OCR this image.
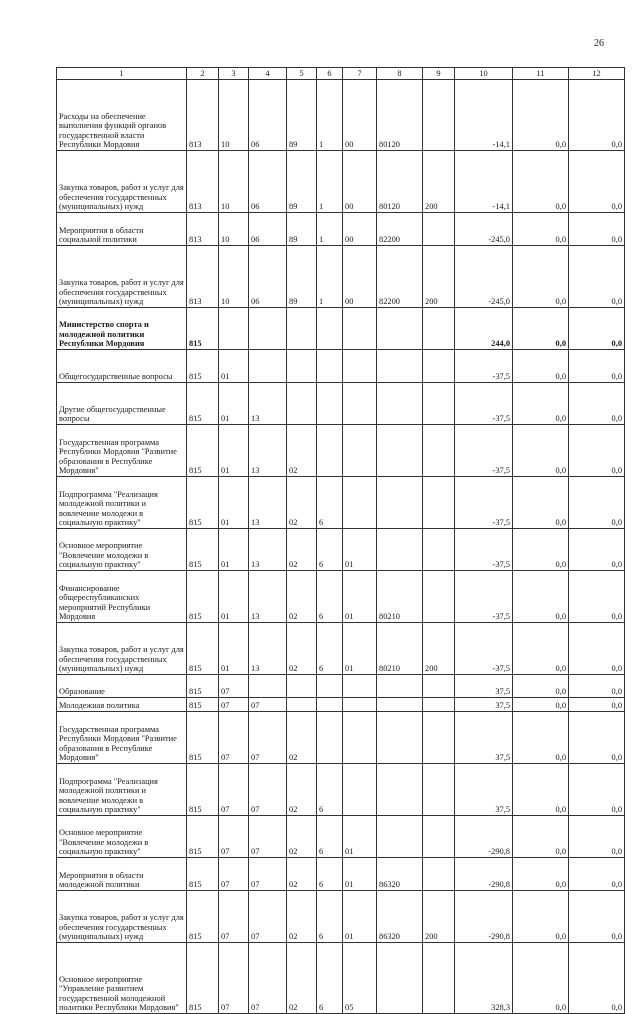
26
1	2	3	4	5	6	7	8	9	10	11	12
Расходы на обеспечение выполнения функций органов государственной власти Республики Мордовия	813	10	06	89	1	00	80120		-14,1	0,0	0,0
Закупка товаров, работ и услуг для обеспечения государственных (муниципальных) нужд	813	10	06	89	1	00	80120	200	-14,1	0,0	0,0
Мероприятия в области социальной политики	813	10	06	89	1	00	82200		-245,0	0,0	0,0
Закупка товаров, работ и услуг для обеспечения государственных (муниципальных) нужд	813	10	06	89	1	00	82200	200	-245,0	0,0	0,0
Министерство спорта и молодежной политики Республики Мордовия	815								244,0	0,0	0,0
Общегосударственные вопросы	815	01							-37,5	0,0	0,0
Другие общегосударственные вопросы	815	01	13						-37,5	0,0	0,0
Государственная программа Республики Мордовия "Развитие образования в Республике Мордовия"	815	01	13	02					-37,5	0,0	0,0
Подпрограмма "Реализация молодежной политики и вовлечение молодежи в социальную практику"	815	01	13	02	6				-37,5	0,0	0,0
Основное мероприятие "Вовлечение молодежи в социальную практику"	815	01	13	02	6	01			-37,5	0,0	0,0
Финансирование общереспубликанских мероприятий Республики Мордовия	815	01	13	02	6	01	80210		-37,5	0,0	0,0
Закупка товаров, работ и услуг для обеспечения государственных (муниципальных) нужд	815	01	13	02	6	01	80210	200	-37,5	0,0	0,0
Образование	815	07							37,5	0,0	0,0
Молодежная политика	815	07	07						37,5	0,0	0,0
Государственная программа Республики Мордовия "Развитие образования в Республике Мордовия"	815	07	07	02					37,5	0,0	0,0
Подпрограмма "Реализация молодежной политики и вовлечение молодежи в социальную практику"	815	07	07	02	6				37,5	0,0	0,0
Основное мероприятие "Вовлечение молодежи в социальную практику"	815	07	07	02	6	01			-290,8	0,0	0,0
Мероприятия в области молодежной политики	815	07	07	02	6	01	86320		-290,8	0,0	0,0
Закупка товаров, работ и услуг для обеспечения государственных (муниципальных) нужд	815	07	07	02	6	01	86320	200	-290,8	0,0	0,0
Основное мероприятие "Управление развитием государственной молодежной политики Республики Мордовия"	815	07	07	02	6	05			328,3	0,0	0,0
